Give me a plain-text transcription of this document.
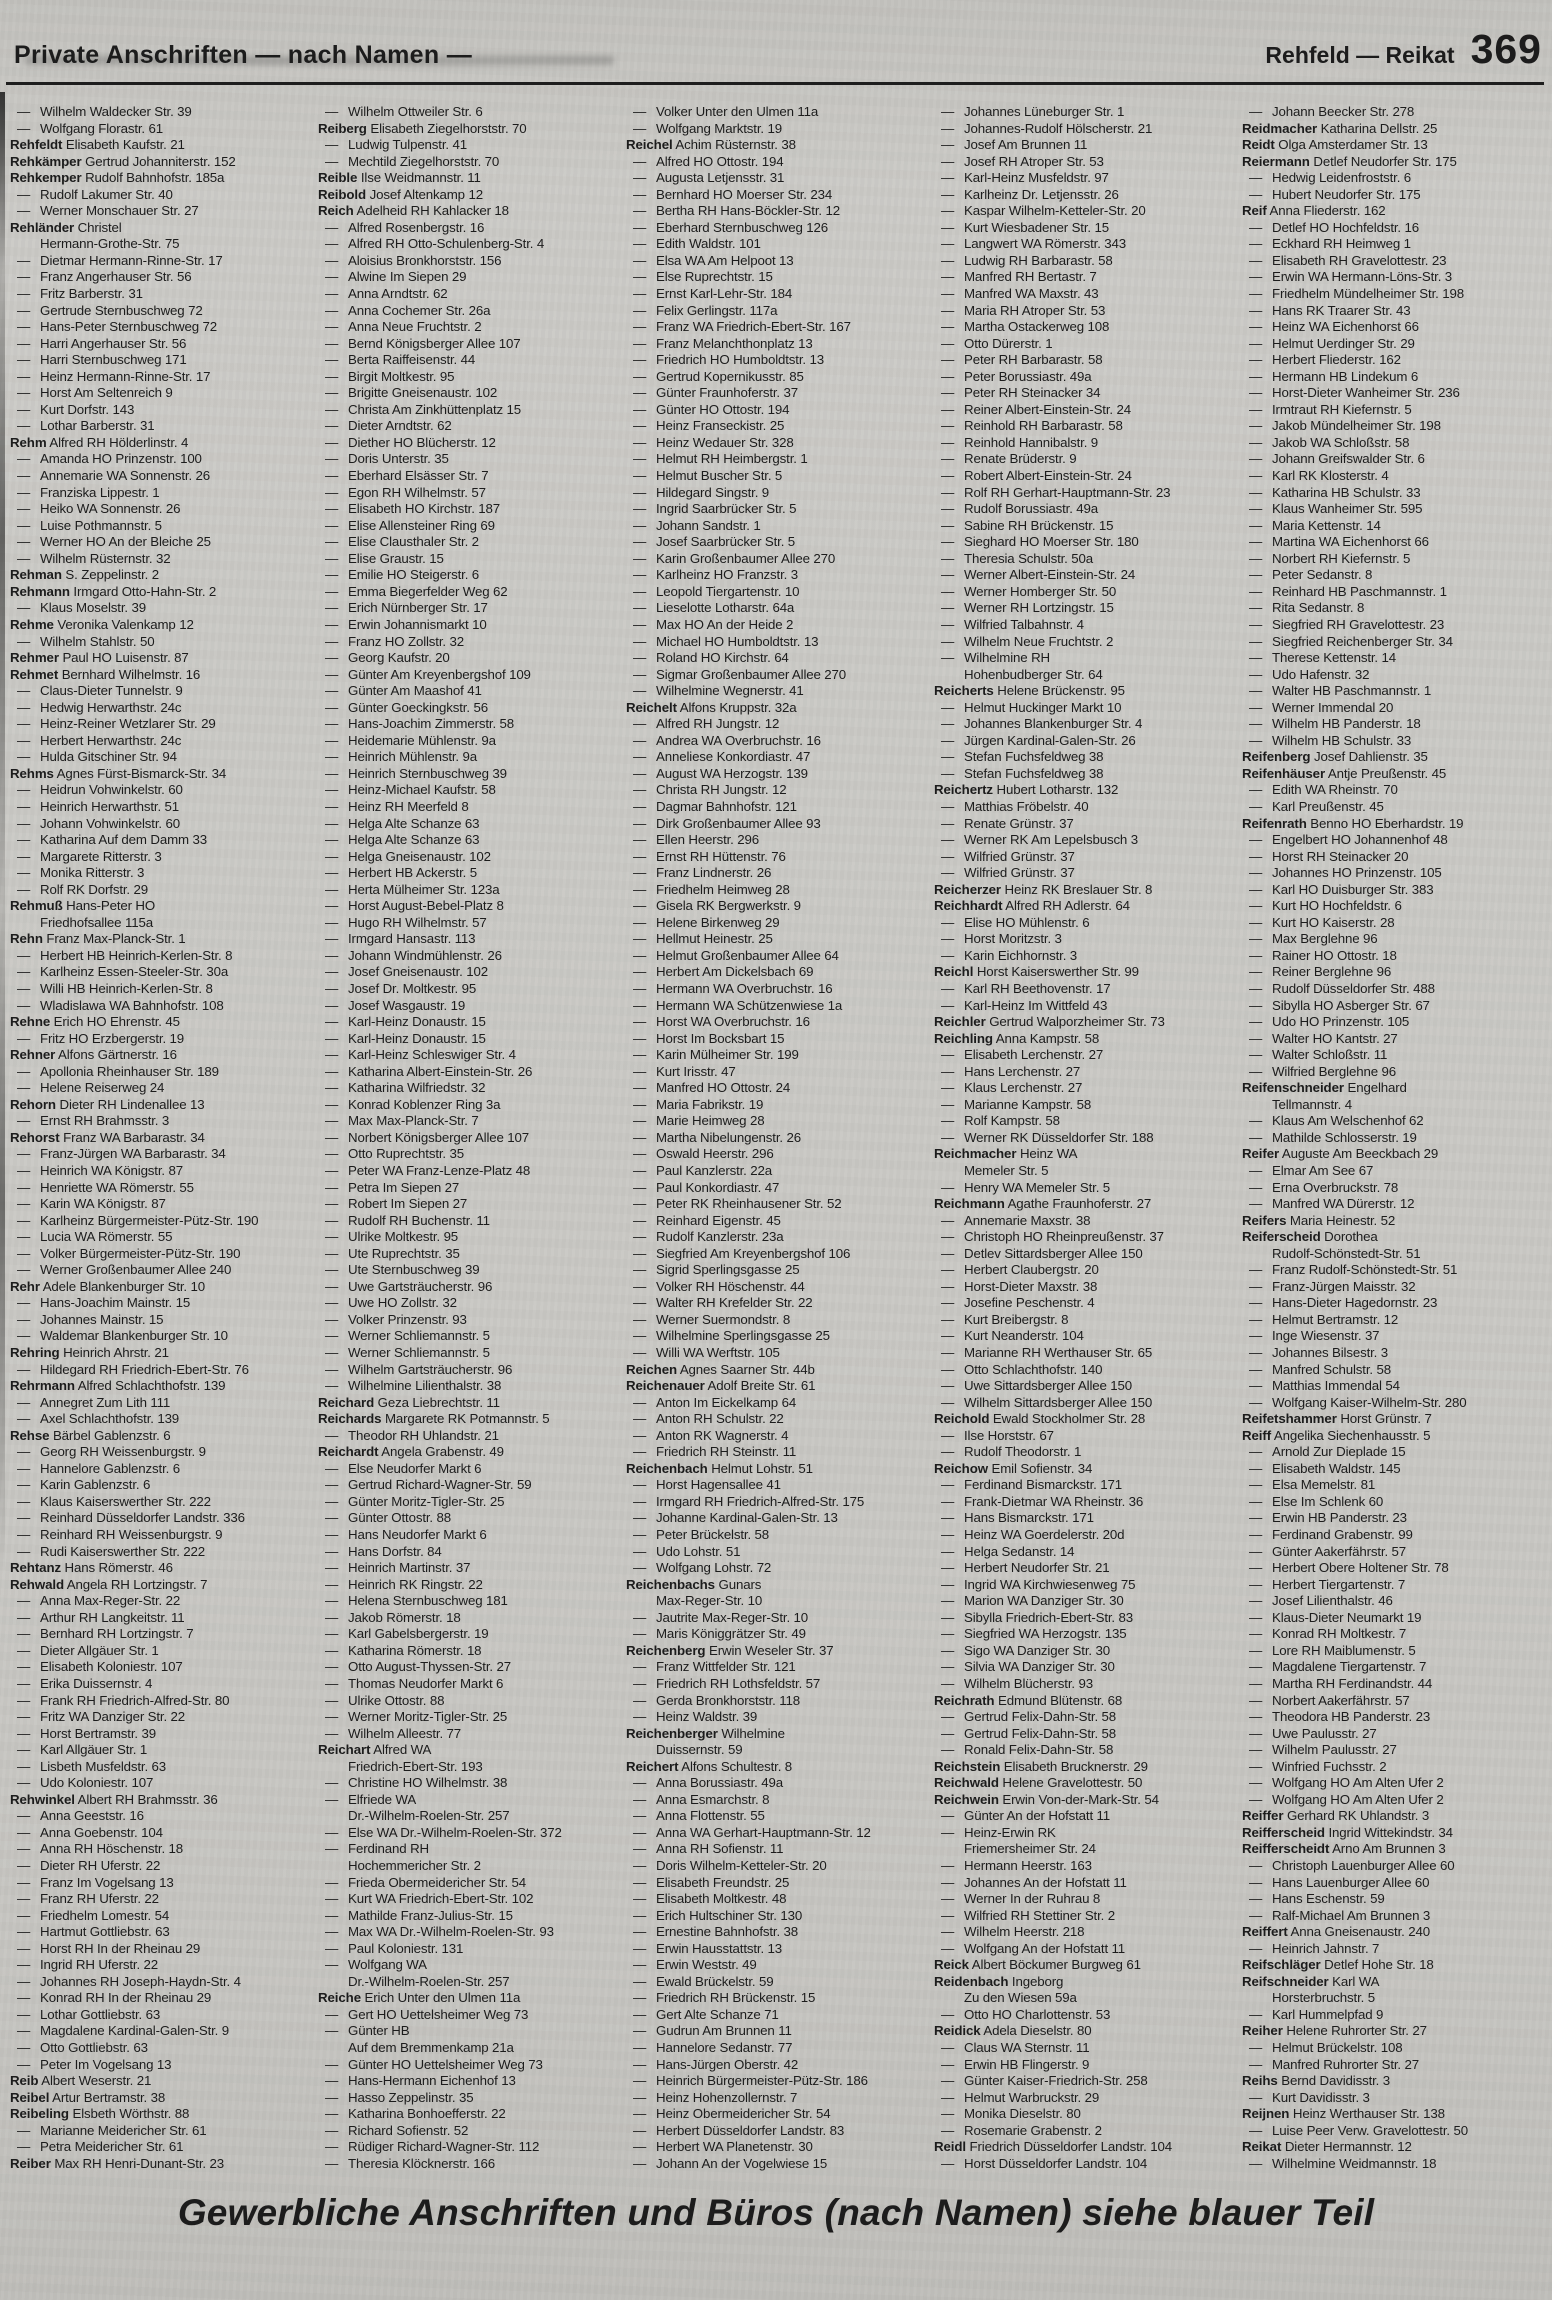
Private Anschriften — nach Namen —	Rehfeld — Reikat 369
— Wilhelm Waldecker Str. 39
— Wolfgang Florastr. 61
Rehfeldt Elisabeth Kaufstr. 21
Rehkämper Gertrud Johanniterstr. 152
Rehkemper Rudolf Bahnhofstr. 185a
— Rudolf Lakumer Str. 40
— Werner Monschauer Str. 27
Rehländer Christel
Hermann-Grothe-Str. 75
— Dietmar Hermann-Rinne-Str. 17
— Franz Angerhauser Str. 56
— Fritz Barberstr. 31
— Gertrude Sternbuschweg 72
— Hans-Peter Sternbuschweg 72
— Harri Angerhauser Str. 56
— Harri Sternbuschweg 171
— Heinz Hermann-Rinne-Str. 17
— Horst Am Seltenreich 9
— Kurt Dorfstr. 143
— Lothar Barberstr. 31
Rehm Alfred RH Hölderlinstr. 4
— Amanda HO Prinzenstr. 100
— Annemarie WA Sonnenstr. 26
— Franziska Lippestr. 1
— Heiko WA Sonnenstr. 26
— Luise Pothmannstr. 5
— Werner HO An der Bleiche 25
— Wilhelm Rüsternstr. 32
Rehman S. Zeppelinstr. 2
Rehmann Irmgard Otto-Hahn-Str. 2
— Klaus Moselstr. 39
Rehme Veronika Valenkamp 12
— Wilhelm Stahlstr. 50
Rehmer Paul HO Luisenstr. 87
Rehmet Bernhard Wilhelmstr. 16
— Claus-Dieter Tunnelstr. 9
— Hedwig Herwarthstr. 24c
— Heinz-Reiner Wetzlarer Str. 29
— Herbert Herwarthstr. 24c
— Hulda Gitschiner Str. 94
Rehms Agnes Fürst-Bismarck-Str. 34
— Heidrun Vohwinkelstr. 60
— Heinrich Herwarthstr. 51
— Johann Vohwinkelstr. 60
— Katharina Auf dem Damm 33
— Margarete Ritterstr. 3
— Monika Ritterstr. 3
— Rolf RK Dorfstr. 29
Rehmuß Hans-Peter HO
Friedhofsallee 115a
Rehn Franz Max-Planck-Str. 1
— Herbert HB Heinrich-Kerlen-Str. 8
— Karlheinz Essen-Steeler-Str. 30a
— Willi HB Heinrich-Kerlen-Str. 8
— Wladislawa WA Bahnhofstr. 108
Rehne Erich HO Ehrenstr. 45
— Fritz HO Erzbergerstr. 19
Rehner Alfons Gärtnerstr. 16
— Apollonia Rheinhauser Str. 189
— Helene Reiserweg 24
Rehorn Dieter RH Lindenallee 13
— Ernst RH Brahmsstr. 3
Rehorst Franz WA Barbarastr. 34
— Franz-Jürgen WA Barbarastr. 34
— Heinrich WA Königstr. 87
— Henriette WA Römerstr. 55
— Karin WA Königstr. 87
— Karlheinz Bürgermeister-Pütz-Str. 190
— Lucia WA Römerstr. 55
— Volker Bürgermeister-Pütz-Str. 190
— Werner Großenbaumer Allee 240
Rehr Adele Blankenburger Str. 10
— Hans-Joachim Mainstr. 15
— Johannes Mainstr. 15
— Waldemar Blankenburger Str. 10
Rehring Heinrich Ahrstr. 21
— Hildegard RH Friedrich-Ebert-Str. 76
Rehrmann Alfred Schlachthofstr. 139
— Annegret Zum Lith 111
— Axel Schlachthofstr. 139
Rehse Bärbel Gablenzstr. 6
— Georg RH Weissenburgstr. 9
— Hannelore Gablenzstr. 6
— Karin Gablenzstr. 6
— Klaus Kaiserswerther Str. 222
— Reinhard Düsseldorfer Landstr. 336
— Reinhard RH Weissenburgstr. 9
— Rudi Kaiserswerther Str. 222
Rehtanz Hans Römerstr. 46
Rehwald Angela RH Lortzingstr. 7
— Anna Max-Reger-Str. 22
— Arthur RH Langkeitstr. 11
— Bernhard RH Lortzingstr. 7
— Dieter Allgäuer Str. 1
— Elisabeth Koloniestr. 107
— Erika Duissernstr. 4
— Frank RH Friedrich-Alfred-Str. 80
— Fritz WA Danziger Str. 22
— Horst Bertramstr. 39
— Karl Allgäuer Str. 1
— Lisbeth Musfeldstr. 63
— Udo Koloniestr. 107
Rehwinkel Albert RH Brahmsstr. 36
— Anna Geeststr. 16
— Anna Goebenstr. 104
— Anna RH Höschenstr. 18
— Dieter RH Uferstr. 22
— Franz Im Vogelsang 13
— Franz RH Uferstr. 22
— Friedhelm Lomestr. 54
— Hartmut Gottliebstr. 63
— Horst RH In der Rheinau 29
— Ingrid RH Uferstr. 22
— Johannes RH Joseph-Haydn-Str. 4
— Konrad RH In der Rheinau 29
— Lothar Gottliebstr. 63
— Magdalene Kardinal-Galen-Str. 9
— Otto Gottliebstr. 63
— Peter Im Vogelsang 13
Reib Albert Weserstr. 21
Reibel Artur Bertramstr. 38
Reibeling Elsbeth Wörthstr. 88
— Marianne Meidericher Str. 61
— Petra Meidericher Str. 61
Reiber Max RH Henri-Dunant-Str. 23
— Wilhelm Ottweiler Str. 6
Reiberg Elisabeth Ziegelhorststr. 70
— Ludwig Tulpenstr. 41
— Mechtild Ziegelhorststr. 70
Reible Ilse Weidmannstr. 11
Reibold Josef Altenkamp 12
Reich Adelheid RH Kahlacker 18
— Alfred Rosenbergstr. 16
— Alfred RH Otto-Schulenberg-Str. 4
— Aloisius Bronkhorststr. 156
— Alwine Im Siepen 29
— Anna Arndtstr. 62
— Anna Cochemer Str. 26a
— Anna Neue Fruchtstr. 2
— Bernd Königsberger Allee 107
— Berta Raiffeisenstr. 44
— Birgit Moltkestr. 95
— Brigitte Gneisenaustr. 102
— Christa Am Zinkhüttenplatz 15
— Dieter Arndtstr. 62
— Diether HO Blücherstr. 12
— Doris Unterstr. 35
— Eberhard Elsässer Str. 7
— Egon RH Wilhelmstr. 57
— Elisabeth HO Kirchstr. 187
— Elise Allensteiner Ring 69
— Elise Clausthaler Str. 2
— Elise Graustr. 15
— Emilie HO Steigerstr. 6
— Emma Biegerfelder Weg 62
— Erich Nürnberger Str. 17
— Erwin Johannismarkt 10
— Franz HO Zollstr. 32
— Georg Kaufstr. 20
— Günter Am Kreyenbergshof 109
— Günter Am Maashof 41
— Günter Goeckingkstr. 56
— Hans-Joachim Zimmerstr. 58
— Heidemarie Mühlenstr. 9a
— Heinrich Mühlenstr. 9a
— Heinrich Sternbuschweg 39
— Heinz-Michael Kaufstr. 58
— Heinz RH Meerfeld 8
— Helga Alte Schanze 63
— Helga Alte Schanze 63
— Helga Gneisenaustr. 102
— Herbert HB Ackerstr. 5
— Herta Mülheimer Str. 123a
— Horst August-Bebel-Platz 8
— Hugo RH Wilhelmstr. 57
— Irmgard Hansastr. 113
— Johann Windmühlenstr. 26
— Josef Gneisenaustr. 102
— Josef Dr. Moltkestr. 95
— Josef Wasgaustr. 19
— Karl-Heinz Donaustr. 15
— Karl-Heinz Donaustr. 15
— Karl-Heinz Schleswiger Str. 4
— Katharina Albert-Einstein-Str. 26
— Katharina Wilfriedstr. 32
— Konrad Koblenzer Ring 3a
— Max Max-Planck-Str. 7
— Norbert Königsberger Allee 107
— Otto Ruprechtstr. 35
— Peter WA Franz-Lenze-Platz 48
— Petra Im Siepen 27
— Robert Im Siepen 27
— Rudolf RH Buchenstr. 11
— Ulrike Moltkestr. 95
— Ute Ruprechtstr. 35
— Ute Sternbuschweg 39
— Uwe Gartsträucherstr. 96
— Uwe HO Zollstr. 32
— Volker Prinzenstr. 93
— Werner Schliemannstr. 5
— Werner Schliemannstr. 5
— Wilhelm Gartsträucherstr. 96
— Wilhelmine Lilienthalstr. 38
Reichard Geza Liebrechtstr. 11
Reichards Margarete RK Potmannstr. 5
— Theodor RH Uhlandstr. 21
Reichardt Angela Grabenstr. 49
— Else Neudorfer Markt 6
— Gertrud Richard-Wagner-Str. 59
— Günter Moritz-Tigler-Str. 25
— Günter Ottostr. 88
— Hans Neudorfer Markt 6
— Hans Dorfstr. 84
— Heinrich Martinstr. 37
— Heinrich RK Ringstr. 22
— Helena Sternbuschweg 181
— Jakob Römerstr. 18
— Karl Gabelsbergerstr. 19
— Katharina Römerstr. 18
— Otto August-Thyssen-Str. 27
— Thomas Neudorfer Markt 6
— Ulrike Ottostr. 88
— Werner Moritz-Tigler-Str. 25
— Wilhelm Alleestr. 77
Reichart Alfred WA
Friedrich-Ebert-Str. 193
— Christine HO Wilhelmstr. 38
— Elfriede WA
Dr.-Wilhelm-Roelen-Str. 257
— Else WA Dr.-Wilhelm-Roelen-Str. 372
— Ferdinand RH
Hochemmericher Str. 2
— Frieda Obermeidericher Str. 54
— Kurt WA Friedrich-Ebert-Str. 102
— Mathilde Franz-Julius-Str. 15
— Max WA Dr.-Wilhelm-Roelen-Str. 93
— Paul Koloniestr. 131
— Wolfgang WA
Dr.-Wilhelm-Roelen-Str. 257
Reiche Erich Unter den Ulmen 11a
— Gert HO Uettelsheimer Weg 73
— Günter HB
Auf dem Bremmenkamp 21a
— Günter HO Uettelsheimer Weg 73
— Hans-Hermann Eichenhof 13
— Hasso Zeppelinstr. 35
— Katharina Bonhoefferstr. 22
— Richard Sofienstr. 52
— Rüdiger Richard-Wagner-Str. 112
— Theresia Klöcknerstr. 166
— Volker Unter den Ulmen 11a
— Wolfgang Marktstr. 19
Reichel Achim Rüsternstr. 38
— Alfred HO Ottostr. 194
— Augusta Letjensstr. 31
— Bernhard HO Moerser Str. 234
— Bertha RH Hans-Böckler-Str. 12
— Eberhard Sternbuschweg 126
— Edith Waldstr. 101
— Elsa WA Am Helpoot 13
— Else Ruprechtstr. 15
— Ernst Karl-Lehr-Str. 184
— Felix Gerlingstr. 117a
— Franz WA Friedrich-Ebert-Str. 167
— Franz Melanchthonplatz 13
— Friedrich HO Humboldtstr. 13
— Gertrud Kopernikusstr. 85
— Günter Fraunhoferstr. 37
— Günter HO Ottostr. 194
— Heinz Franseckistr. 25
— Heinz Wedauer Str. 328
— Helmut RH Heimbergstr. 1
— Helmut Buscher Str. 5
— Hildegard Singstr. 9
— Ingrid Saarbrücker Str. 5
— Johann Sandstr. 1
— Josef Saarbrücker Str. 5
— Karin Großenbaumer Allee 270
— Karlheinz HO Franzstr. 3
— Leopold Tiergartenstr. 10
— Lieselotte Lotharstr. 64a
— Max HO An der Heide 2
— Michael HO Humboldtstr. 13
— Roland HO Kirchstr. 64
— Sigmar Großenbaumer Allee 270
— Wilhelmine Wegnerstr. 41
Reichelt Alfons Kruppstr. 32a
— Alfred RH Jungstr. 12
— Andrea WA Overbruchstr. 16
— Anneliese Konkordiastr. 47
— August WA Herzogstr. 139
— Christa RH Jungstr. 12
— Dagmar Bahnhofstr. 121
— Dirk Großenbaumer Allee 93
— Ellen Heerstr. 296
— Ernst RH Hüttenstr. 76
— Franz Lindnerstr. 26
— Friedhelm Heimweg 28
— Gisela RK Bergwerkstr. 9
— Helene Birkenweg 29
— Hellmut Heinestr. 25
— Helmut Großenbaumer Allee 64
— Herbert Am Dickelsbach 69
— Hermann WA Overbruchstr. 16
— Hermann WA Schützenwiese 1a
— Horst WA Overbruchstr. 16
— Horst Im Bocksbart 15
— Karin Mülheimer Str. 199
— Kurt Irisstr. 47
— Manfred HO Ottostr. 24
— Maria Fabrikstr. 19
— Marie Heimweg 28
— Martha Nibelungenstr. 26
— Oswald Heerstr. 296
— Paul Kanzlerstr. 22a
— Paul Konkordiastr. 47
— Peter RK Rheinhausener Str. 52
— Reinhard Eigenstr. 45
— Rudolf Kanzlerstr. 23a
— Siegfried Am Kreyenbergshof 106
— Sigrid Sperlingsgasse 25
— Volker RH Höschenstr. 44
— Walter RH Krefelder Str. 22
— Werner Suermondstr. 8
— Wilhelmine Sperlingsgasse 25
— Willi WA Werftstr. 105
Reichen Agnes Saarner Str. 44b
Reichenauer Adolf Breite Str. 61
— Anton Im Eickelkamp 64
— Anton RH Schulstr. 22
— Anton RK Wagnerstr. 4
— Friedrich RH Steinstr. 11
Reichenbach Helmut Lohstr. 51
— Horst Hagensallee 41
— Irmgard RH Friedrich-Alfred-Str. 175
— Johanne Kardinal-Galen-Str. 13
— Peter Brückelstr. 58
— Udo Lohstr. 51
— Wolfgang Lohstr. 72
Reichenbachs Gunars
Max-Reger-Str. 10
— Jautrite Max-Reger-Str. 10
— Maris Königgrätzer Str. 49
Reichenberg Erwin Weseler Str. 37
— Franz Wittfelder Str. 121
— Friedrich RH Lothsfeldstr. 57
— Gerda Bronkhorststr. 118
— Heinz Waldstr. 39
Reichenberger Wilhelmine
Duissernstr. 59
Reichert Alfons Schultestr. 8
— Anna Borussiastr. 49a
— Anna Esmarchstr. 8
— Anna Flottenstr. 55
— Anna WA Gerhart-Hauptmann-Str. 12
— Anna RH Sofienstr. 11
— Doris Wilhelm-Ketteler-Str. 20
— Elisabeth Freundstr. 25
— Elisabeth Moltkestr. 48
— Erich Hultschiner Str. 130
— Ernestine Bahnhofstr. 38
— Erwin Hausstattstr. 13
— Erwin Weststr. 49
— Ewald Brückelstr. 59
— Friedrich RH Brückenstr. 15
— Gert Alte Schanze 71
— Gudrun Am Brunnen 11
— Hannelore Sedanstr. 77
— Hans-Jürgen Oberstr. 42
— Heinrich Bürgermeister-Pütz-Str. 186
— Heinz Hohenzollernstr. 7
— Heinz Obermeidericher Str. 54
— Herbert Düsseldorfer Landstr. 83
— Herbert WA Planetenstr. 30
— Johann An der Vogelwiese 15
— Johannes Lüneburger Str. 1
— Johannes-Rudolf Hölscherstr. 21
— Josef Am Brunnen 11
— Josef RH Atroper Str. 53
— Karl-Heinz Musfeldstr. 97
— Karlheinz Dr. Letjensstr. 26
— Kaspar Wilhelm-Ketteler-Str. 20
— Kurt Wiesbadener Str. 15
— Langwert WA Römerstr. 343
— Ludwig RH Barbarastr. 58
— Manfred RH Bertastr. 7
— Manfred WA Maxstr. 43
— Maria RH Atroper Str. 53
— Martha Ostackerweg 108
— Otto Dürerstr. 1
— Peter RH Barbarastr. 58
— Peter Borussiastr. 49a
— Peter RH Steinacker 34
— Reiner Albert-Einstein-Str. 24
— Reinhold RH Barbarastr. 58
— Reinhold Hannibalstr. 9
— Renate Brüderstr. 9
— Robert Albert-Einstein-Str. 24
— Rolf RH Gerhart-Hauptmann-Str. 23
— Rudolf Borussiastr. 49a
— Sabine RH Brückenstr. 15
— Sieghard HO Moerser Str. 180
— Theresia Schulstr. 50a
— Werner Albert-Einstein-Str. 24
— Werner Homberger Str. 50
— Werner RH Lortzingstr. 15
— Wilfried Talbahnstr. 4
— Wilhelm Neue Fruchtstr. 2
— Wilhelmine RH
Hohenbudberger Str. 64
Reicherts Helene Brückenstr. 95
— Helmut Huckinger Markt 10
— Johannes Blankenburger Str. 4
— Jürgen Kardinal-Galen-Str. 26
— Stefan Fuchsfeldweg 38
— Stefan Fuchsfeldweg 38
Reichertz Hubert Lotharstr. 132
— Matthias Fröbelstr. 40
— Renate Grünstr. 37
— Werner RK Am Lepelsbusch 3
— Wilfried Grünstr. 37
— Wilfried Grünstr. 37
Reicherzer Heinz RK Breslauer Str. 8
Reichhardt Alfred RH Adlerstr. 64
— Elise HO Mühlenstr. 6
— Horst Moritzstr. 3
— Karin Eichhornstr. 3
Reichl Horst Kaiserswerther Str. 99
— Karl RH Beethovenstr. 17
— Karl-Heinz Im Wittfeld 43
Reichler Gertrud Walporzheimer Str. 73
Reichling Anna Kampstr. 58
— Elisabeth Lerchenstr. 27
— Hans Lerchenstr. 27
— Klaus Lerchenstr. 27
— Marianne Kampstr. 58
— Rolf Kampstr. 58
— Werner RK Düsseldorfer Str. 188
Reichmacher Heinz WA
Memeler Str. 5
— Henry WA Memeler Str. 5
Reichmann Agathe Fraunhoferstr. 27
— Annemarie Maxstr. 38
— Christoph HO Rheinpreußenstr. 37
— Detlev Sittardsberger Allee 150
— Herbert Claubergstr. 20
— Horst-Dieter Maxstr. 38
— Josefine Peschenstr. 4
— Kurt Breibergstr. 8
— Kurt Neanderstr. 104
— Marianne RH Werthauser Str. 65
— Otto Schlachthofstr. 140
— Uwe Sittardsberger Allee 150
— Wilhelm Sittardsberger Allee 150
Reichold Ewald Stockholmer Str. 28
— Ilse Horststr. 67
— Rudolf Theodorstr. 1
Reichow Emil Sofienstr. 34
— Ferdinand Bismarckstr. 171
— Frank-Dietmar WA Rheinstr. 36
— Hans Bismarckstr. 171
— Heinz WA Goerdelerstr. 20d
— Helga Sedanstr. 14
— Herbert Neudorfer Str. 21
— Ingrid WA Kirchwiesenweg 75
— Marion WA Danziger Str. 30
— Sibylla Friedrich-Ebert-Str. 83
— Siegfried WA Herzogstr. 135
— Sigo WA Danziger Str. 30
— Silvia WA Danziger Str. 30
— Wilhelm Blücherstr. 93
Reichrath Edmund Blütenstr. 68
— Gertrud Felix-Dahn-Str. 58
— Gertrud Felix-Dahn-Str. 58
— Ronald Felix-Dahn-Str. 58
Reichstein Elisabeth Brucknerstr. 29
Reichwald Helene Gravelottestr. 50
Reichwein Erwin Von-der-Mark-Str. 54
— Günter An der Hofstatt 11
— Heinz-Erwin RK
Friemersheimer Str. 24
— Hermann Heerstr. 163
— Johannes An der Hofstatt 11
— Werner In der Ruhrau 8
— Wilfried RH Stettiner Str. 2
— Wilhelm Heerstr. 218
— Wolfgang An der Hofstatt 11
Reick Albert Böckumer Burgweg 61
Reidenbach Ingeborg
Zu den Wiesen 59a
— Otto HO Charlottenstr. 53
Reidick Adela Dieselstr. 80
— Claus WA Sternstr. 11
— Erwin HB Flingerstr. 9
— Günter Kaiser-Friedrich-Str. 258
— Helmut Warbruckstr. 29
— Monika Dieselstr. 80
— Rosemarie Grabenstr. 2
Reidl Friedrich Düsseldorfer Landstr. 104
— Horst Düsseldorfer Landstr. 104
— Johann Beecker Str. 278
Reidmacher Katharina Dellstr. 25
Reidt Olga Amsterdamer Str. 13
Reiermann Detlef Neudorfer Str. 175
— Hedwig Leidenfroststr. 6
— Hubert Neudorfer Str. 175
Reif Anna Fliederstr. 162
— Detlef HO Hochfeldstr. 16
— Eckhard RH Heimweg 1
— Elisabeth RH Gravelottestr. 23
— Erwin WA Hermann-Löns-Str. 3
— Friedhelm Mündelheimer Str. 198
— Hans RK Traarer Str. 43
— Heinz WA Eichenhorst 66
— Helmut Uerdinger Str. 29
— Herbert Fliederstr. 162
— Hermann HB Lindekum 6
— Horst-Dieter Wanheimer Str. 236
— Irmtraut RH Kiefernstr. 5
— Jakob Mündelheimer Str. 198
— Jakob WA Schloßstr. 58
— Johann Greifswalder Str. 6
— Karl RK Klosterstr. 4
— Katharina HB Schulstr. 33
— Klaus Wanheimer Str. 595
— Maria Kettenstr. 14
— Martina WA Eichenhorst 66
— Norbert RH Kiefernstr. 5
— Peter Sedanstr. 8
— Reinhard HB Paschmannstr. 1
— Rita Sedanstr. 8
— Siegfried RH Gravelottestr. 23
— Siegfried Reichenberger Str. 34
— Therese Kettenstr. 14
— Udo Hafenstr. 32
— Walter HB Paschmannstr. 1
— Werner Immendal 20
— Wilhelm HB Panderstr. 18
— Wilhelm HB Schulstr. 33
Reifenberg Josef Dahlienstr. 35
Reifenhäuser Antje Preußenstr. 45
— Edith WA Rheinstr. 70
— Karl Preußenstr. 45
Reifenrath Benno HO Eberhardstr. 19
— Engelbert HO Johannenhof 48
— Horst RH Steinacker 20
— Johannes HO Prinzenstr. 105
— Karl HO Duisburger Str. 383
— Kurt HO Hochfeldstr. 6
— Kurt HO Kaiserstr. 28
— Max Berglehne 96
— Rainer HO Ottostr. 18
— Reiner Berglehne 96
— Rudolf Düsseldorfer Str. 488
— Sibylla HO Asberger Str. 67
— Udo HO Prinzenstr. 105
— Walter HO Kantstr. 27
— Walter Schloßstr. 11
— Wilfried Berglehne 96
Reifenschneider Engelhard
Tellmannstr. 4
— Klaus Am Welschenhof 62
— Mathilde Schlosserstr. 19
Reifer Auguste Am Beeckbach 29
— Elmar Am See 67
— Erna Overbruckstr. 78
— Manfred WA Dürerstr. 12
Reifers Maria Heinestr. 52
Reiferscheid Dorothea
Rudolf-Schönstedt-Str. 51
— Franz Rudolf-Schönstedt-Str. 51
— Franz-Jürgen Maisstr. 32
— Hans-Dieter Hagedornstr. 23
— Helmut Bertramstr. 12
— Inge Wiesenstr. 37
— Johannes Bilsestr. 3
— Manfred Schulstr. 58
— Matthias Immendal 54
— Wolfgang Kaiser-Wilhelm-Str. 280
Reifetshammer Horst Grünstr. 7
Reiff Angelika Siechenhausstr. 5
— Arnold Zur Dieplade 15
— Elisabeth Waldstr. 145
— Elsa Memelstr. 81
— Else Im Schlenk 60
— Erwin HB Panderstr. 23
— Ferdinand Grabenstr. 99
— Günter Aakerfährstr. 57
— Herbert Obere Holtener Str. 78
— Herbert Tiergartenstr. 7
— Josef Lilienthalstr. 46
— Klaus-Dieter Neumarkt 19
— Konrad RH Moltkestr. 7
— Lore RH Maiblumenstr. 5
— Magdalene Tiergartenstr. 7
— Martha RH Ferdinandstr. 44
— Norbert Aakerfährstr. 57
— Theodora HB Panderstr. 23
— Uwe Paulusstr. 27
— Wilhelm Paulusstr. 27
— Winfried Fuchsstr. 2
— Wolfgang HO Am Alten Ufer 2
— Wolfgang HO Am Alten Ufer 2
Reiffer Gerhard RK Uhlandstr. 3
Reifferscheid Ingrid Wittekindstr. 34
Reifferscheidt Arno Am Brunnen 3
— Christoph Lauenburger Allee 60
— Hans Lauenburger Allee 60
— Hans Eschenstr. 59
— Ralf-Michael Am Brunnen 3
Reiffert Anna Gneisenaustr. 240
— Heinrich Jahnstr. 7
Reifschläger Detlef Hohe Str. 18
Reifschneider Karl WA
Horsterbruchstr. 5
— Karl Hummelpfad 9
Reiher Helene Ruhrorter Str. 27
— Helmut Brückelstr. 108
— Manfred Ruhrorter Str. 27
Reihs Bernd Davidisstr. 3
— Kurt Davidisstr. 3
Reijnen Heinz Werthauser Str. 138
— Luise Peer Verw. Gravelottestr. 50
Reikat Dieter Hermannstr. 12
— Wilhelmine Weidmannstr. 18
Gewerbliche Anschriften und Büros (nach Namen) siehe blauer Teil
